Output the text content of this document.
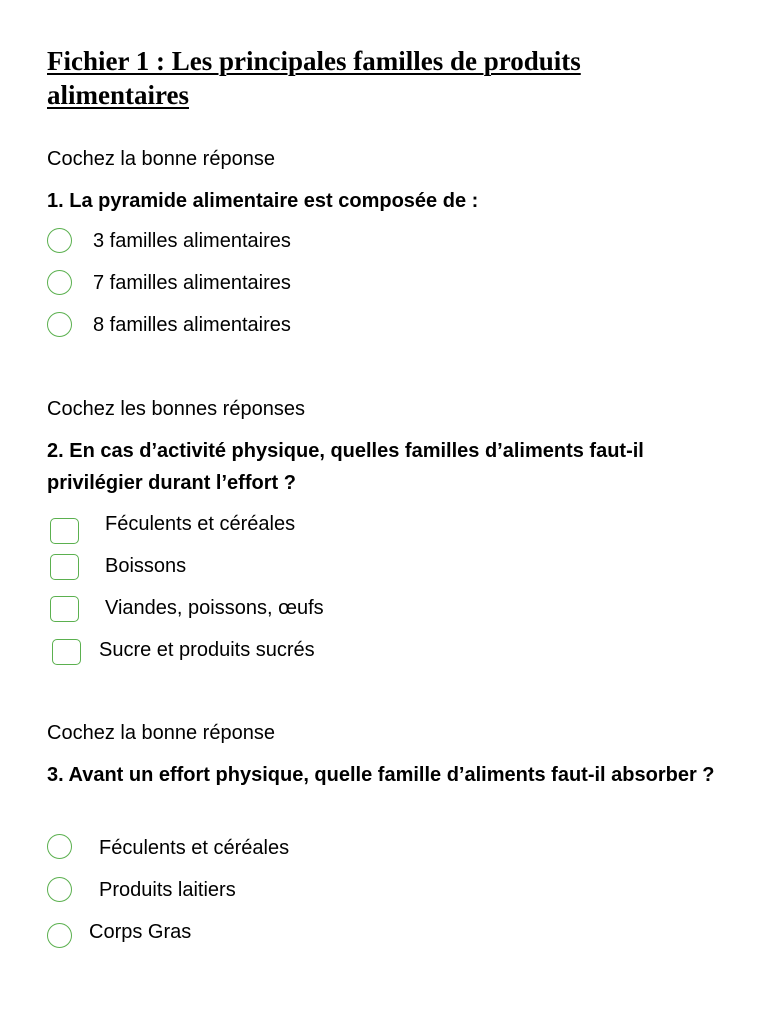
Fichier 1 : Les principales familles de produits alimentaires
Cochez la bonne réponse

1. La pyramide alimentaire est composée de :

3 familles alimentaires
7 familles alimentaires
8 familles alimentaires
Cochez les bonnes réponses

2. En cas d’activité physique, quelles familles d’aliments faut-il privilégier durant l’effort ?

Féculents et céréales
Boissons
Viandes, poissons, œufs
Sucre et produits sucrés
Cochez la bonne réponse

3. Avant un effort physique, quelle famille d’aliments faut-il absorber ?

Féculents et céréales
Produits laitiers
Corps Gras
